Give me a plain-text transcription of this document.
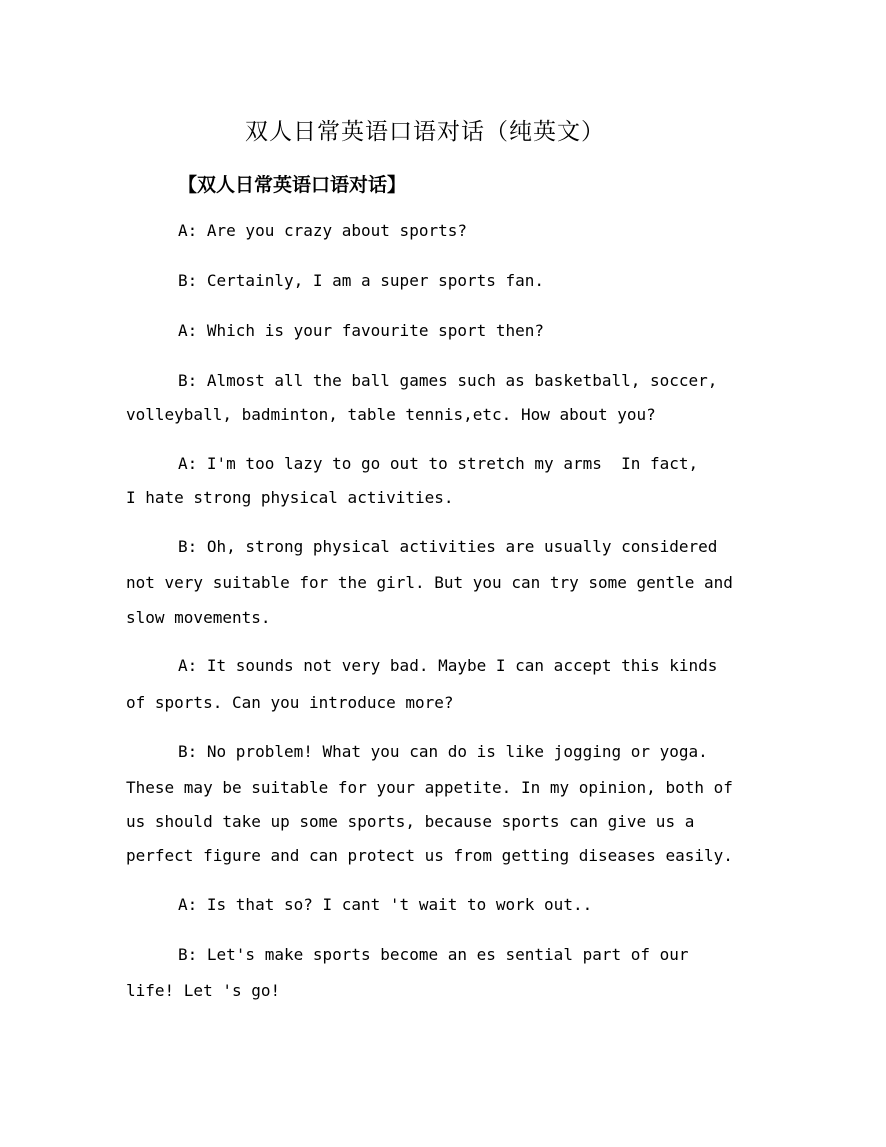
双人日常英语口语对话（纯英文）
【双人日常英语口语对话】
A: Are you crazy about sports?
B: Certainly, I am a super sports fan.
A: Which is your favourite sport then?
B: Almost all the ball games such as basketball, soccer,
volleyball, badminton, table tennis,etc. How about you?
A: I'm too lazy to go out to stretch my arms  In fact,
I hate strong physical activities.
B: Oh, strong physical activities are usually considered
not very suitable for the girl. But you can try some gentle and
slow movements.
A: It sounds not very bad. Maybe I can accept this kinds
of sports. Can you introduce more?
B: No problem! What you can do is like jogging or yoga.
These may be suitable for your appetite. In my opinion, both of
us should take up some sports, because sports can give us a
perfect figure and can protect us from getting diseases easily.
A: Is that so? I cant 't wait to work out..
B: Let's make sports become an es sential part of our
life! Let 's go!
